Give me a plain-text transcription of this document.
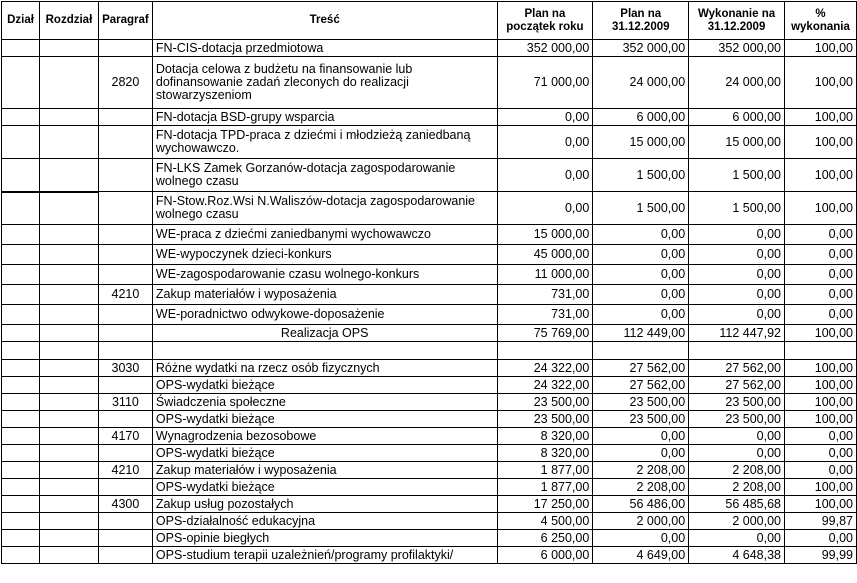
Dział	Rozdział	Paragraf	Treść	Plan na początek roku	Plan na 31.12.2009	Wykonanie na 31.12.2009	% wykonania
			FN-CIS-dotacja przedmiotowa	352 000,00	352 000,00	352 000,00	100,00
		2820	Dotacja celowa z budżetu na finansowanie lub dofinansowanie zadań zleconych do realizacji stowarzyszeniom	71 000,00	24 000,00	24 000,00	100,00
			FN-dotacja BSD-grupy wsparcia	0,00	6 000,00	6 000,00	100,00
			FN-dotacja TPD-praca z dziećmi i młodzieżą zaniedbaną wychowawczo.	0,00	15 000,00	15 000,00	100,00
			FN-LKS Zamek Gorzanów-dotacja zagospodarowanie wolnego czasu	0,00	1 500,00	1 500,00	100,00
			FN-Stow.Roz.Wsi N.Waliszów-dotacja zagospodarowanie wolnego czasu	0,00	1 500,00	1 500,00	100,00
			WE-praca z dziećmi zaniedbanymi wychowawczo	15 000,00	0,00	0,00	0,00
			WE-wypoczynek dzieci-konkurs	45 000,00	0,00	0,00	0,00
			WE-zagospodarowanie czasu wolnego-konkurs	11 000,00	0,00	0,00	0,00
		4210	Zakup materiałów i wyposażenia	731,00	0,00	0,00	0,00
			WE-poradnictwo odwykowe-doposażenie	731,00	0,00	0,00	0,00
			Realizacja OPS	75 769,00	112 449,00	112 447,92	100,00

		3030	Różne wydatki na rzecz osób fizycznych	24 322,00	27 562,00	27 562,00	100,00
			OPS-wydatki bieżące	24 322,00	27 562,00	27 562,00	100,00
		3110	Świadczenia społeczne	23 500,00	23 500,00	23 500,00	100,00
			OPS-wydatki bieżące	23 500,00	23 500,00	23 500,00	100,00
		4170	Wynagrodzenia bezosobowe	8 320,00	0,00	0,00	0,00
			OPS-wydatki bieżące	8 320,00	0,00	0,00	0,00
		4210	Zakup materiałów i wyposażenia	1 877,00	2 208,00	2 208,00	0,00
			OPS-wydatki bieżące	1 877,00	2 208,00	2 208,00	100,00
		4300	Zakup usług pozostałych	17 250,00	56 486,00	56 485,68	100,00
			OPS-działalność edukacyjna	4 500,00	2 000,00	2 000,00	99,87
			OPS-opinie biegłych	6 250,00	0,00	0,00	0,00
			OPS-studium terapii uzależnień/programy profilaktyki/	6 000,00	4 649,00	4 648,38	99,99
